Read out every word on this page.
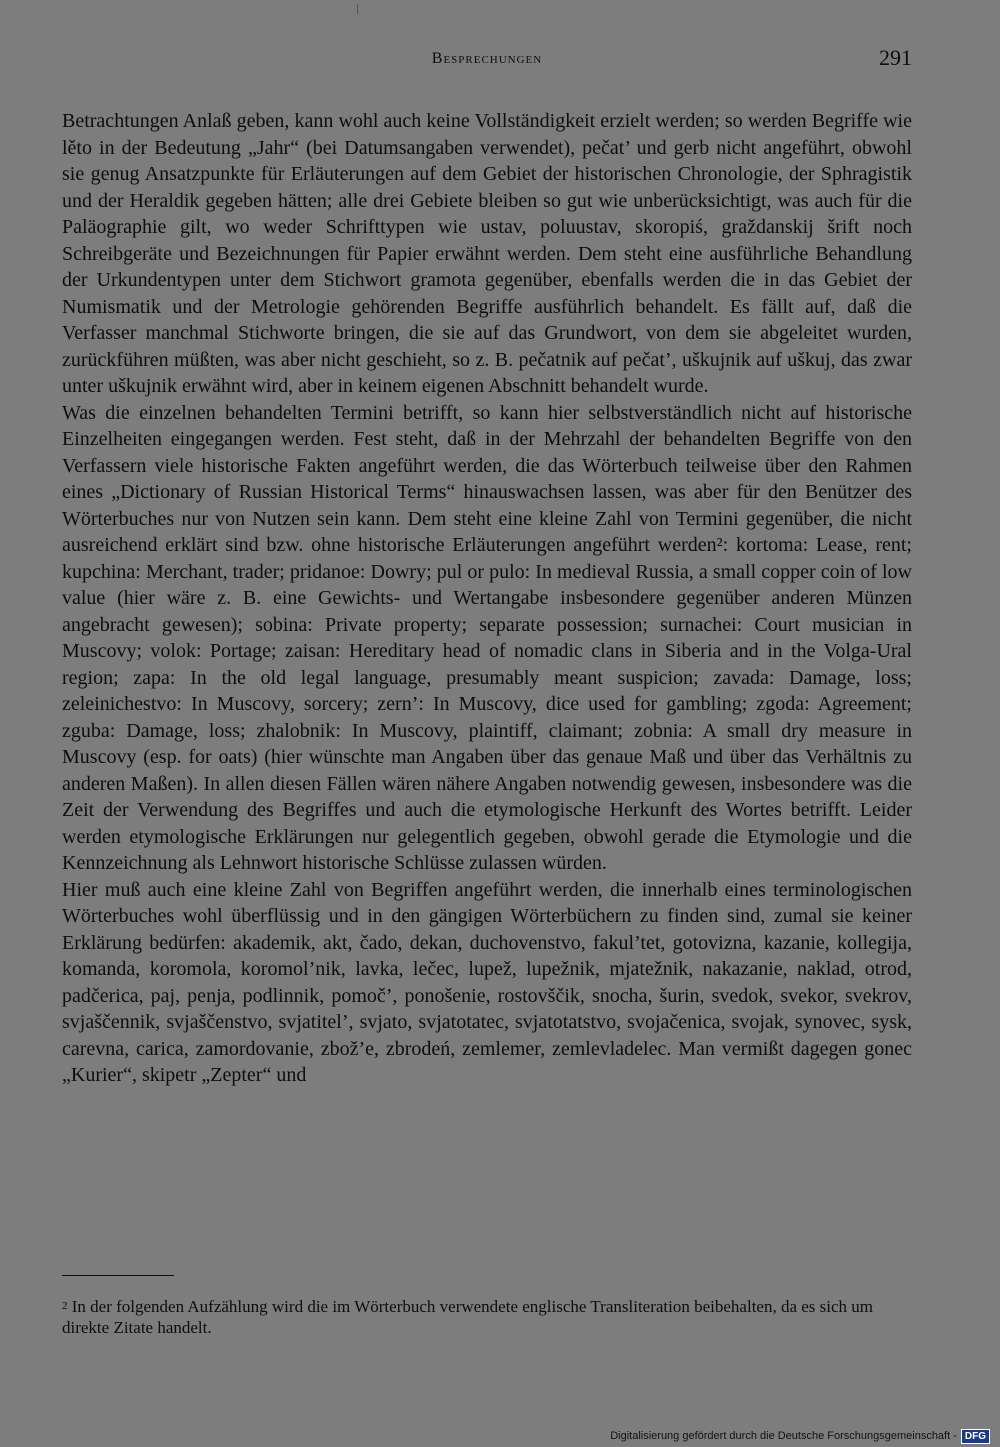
Besprechungen	291

Betrachtungen Anlaß geben, kann wohl auch keine Vollständigkeit erzielt werden; so werden Begriffe wie lěto in der Bedeutung „Jahr“ (bei Datumsangaben verwendet), pečat’ und gerb nicht angeführt, obwohl sie genug Ansatzpunkte für Erläuterungen auf dem Gebiet der historischen Chronologie, der Sphragistik und der Heraldik gegeben hätten; alle drei Gebiete bleiben so gut wie unberücksichtigt, was auch für die Paläographie gilt, wo weder Schrifttypen wie ustav, poluustav, skoropiś, graždanskij šrift noch Schreibgeräte und Bezeichnungen für Papier erwähnt werden. Dem steht eine ausführliche Behandlung der Urkundentypen unter dem Stichwort gramota gegenüber, ebenfalls werden die in das Gebiet der Numismatik und der Metrologie gehörenden Begriffe ausführlich behandelt. Es fällt auf, daß die Verfasser manchmal Stichworte bringen, die sie auf das Grundwort, von dem sie abgeleitet wurden, zurückführen müßten, was aber nicht geschieht, so z. B. pečatnik auf pečat’, uškujnik auf uškuj, das zwar unter uškujnik erwähnt wird, aber in keinem eigenen Abschnitt behandelt wurde.

Was die einzelnen behandelten Termini betrifft, so kann hier selbstverständlich nicht auf historische Einzelheiten eingegangen werden. Fest steht, daß in der Mehrzahl der behandelten Begriffe von den Verfassern viele historische Fakten angeführt werden, die das Wörterbuch teilweise über den Rahmen eines „Dictionary of Russian Historical Terms“ hinauswachsen lassen, was aber für den Benützer des Wörterbuches nur von Nutzen sein kann. Dem steht eine kleine Zahl von Termini gegenüber, die nicht ausreichend erklärt sind bzw. ohne historische Erläuterungen angeführt werden²: kortoma: Lease, rent; kupchina: Merchant, trader; pridanoe: Dowry; pul or pulo: In medieval Russia, a small copper coin of low value (hier wäre z. B. eine Gewichts- und Wertangabe insbesondere gegenüber anderen Münzen angebracht gewesen); sobina: Private property; separate possession; surnachei: Court musician in Muscovy; volok: Portage; zaisan: Hereditary head of nomadic clans in Siberia and in the Volga-Ural region; zapa: In the old legal language, presumably meant suspicion; zavada: Damage, loss; zeleinichestvo: In Muscovy, sorcery; zern’: In Muscovy, dice used for gambling; zgoda: Agreement; zguba: Damage, loss; zhalobnik: In Muscovy, plaintiff, claimant; zobnia: A small dry measure in Muscovy (esp. for oats) (hier wünschte man Angaben über das genaue Maß und über das Verhältnis zu anderen Maßen). In allen diesen Fällen wären nähere Angaben notwendig gewesen, insbesondere was die Zeit der Verwendung des Begriffes und auch die etymologische Herkunft des Wortes betrifft. Leider werden etymologische Erklärungen nur gelegentlich gegeben, obwohl gerade die Etymologie und die Kennzeichnung als Lehnwort historische Schlüsse zulassen würden.

Hier muß auch eine kleine Zahl von Begriffen angeführt werden, die innerhalb eines terminologischen Wörterbuches wohl überflüssig und in den gängigen Wörterbüchern zu finden sind, zumal sie keiner Erklärung bedürfen: akademik, akt, čado, dekan, duchovenstvo, fakul’tet, gotovizna, kazanie, kollegija, komanda, koromola, koromol’nik, lavka, lečec, lupež, lupežnik, mjatežnik, nakazanie, naklad, otrod, padčerica, paj, penja, podlinnik, pomoč’, ponošenie, rostovščik, snocha, šurin, svedok, svekor, svekrov, svjaščennik, svjaščenstvo, svjatitel’, svjato, svjatotatec, svjatotatstvo, svojačenica, svojak, synovec, sysk, carevna, carica, zamordovanie, zbož’e, zbrodeń, zemlemer, zemlevladelec. Man vermißt dagegen gonec „Kurier“, skipetr „Zepter“ und

$^2$ In der folgenden Aufzählung wird die im Wörterbuch verwendete englische Transliteration beibehalten, da es sich um direkte Zitate handelt.
Digitalisierung gefördert durch die Deutsche Forschungsgemeinschaft - DFG
